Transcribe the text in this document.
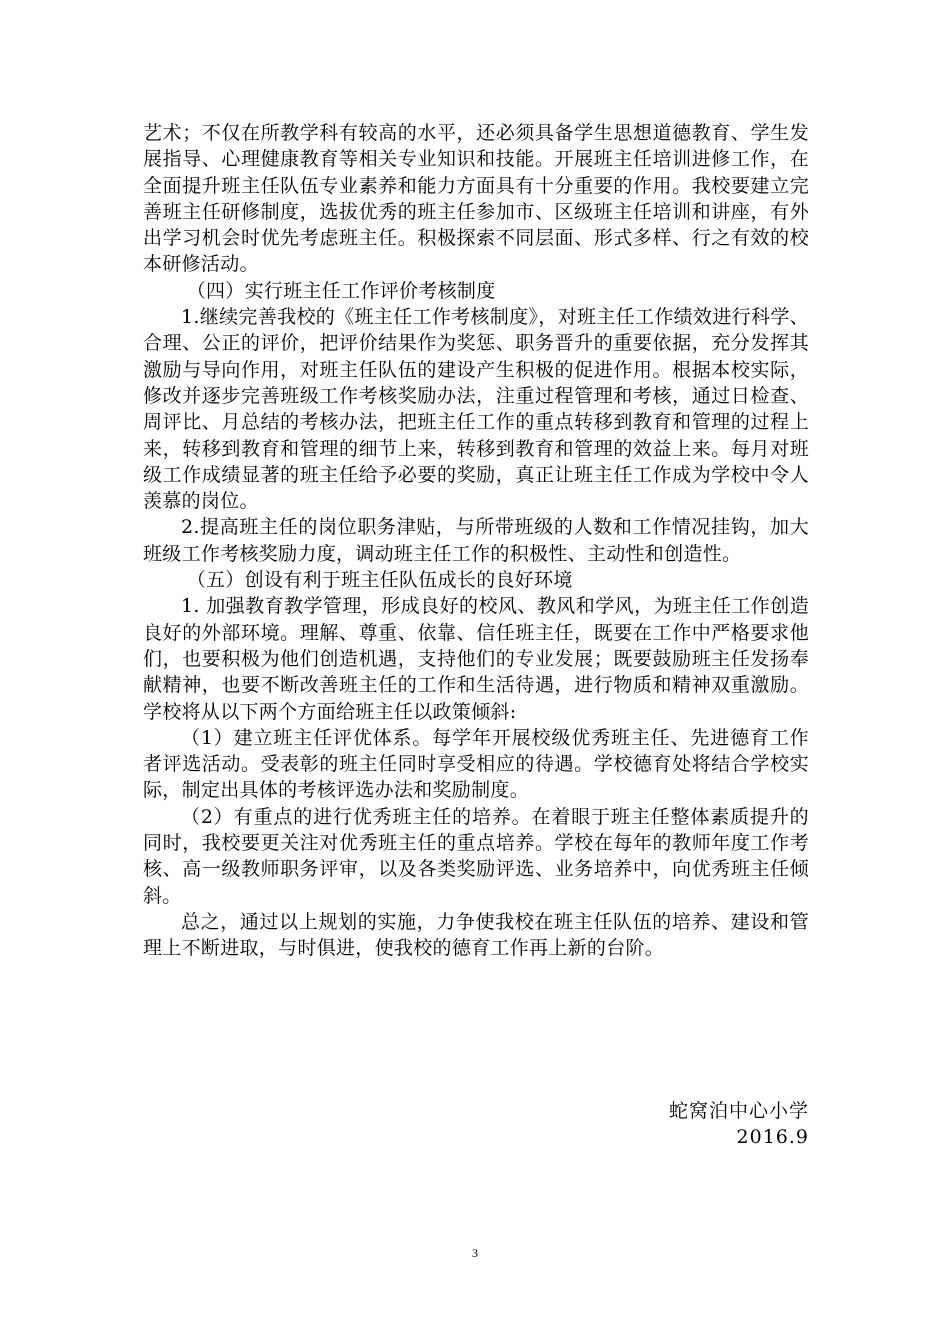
艺术；不仅在所教学科有较高的水平，还必须具备学生思想道德教育、学生发展指导、心理健康教育等相关专业知识和技能。开展班主任培训进修工作，在全面提升班主任队伍专业素养和能力方面具有十分重要的作用。我校要建立完善班主任研修制度，选拔优秀的班主任参加市、区级班主任培训和讲座，有外出学习机会时优先考虑班主任。积极探索不同层面、形式多样、行之有效的校本研修活动。

（四）实行班主任工作评价考核制度

1.继续完善我校的《班主任工作考核制度》，对班主任工作绩效进行科学、合理、公正的评价，把评价结果作为奖惩、职务晋升的重要依据，充分发挥其激励与导向作用，对班主任队伍的建设产生积极的促进作用。根据本校实际，修改并逐步完善班级工作考核奖励办法，注重过程管理和考核，通过日检查、周评比、月总结的考核办法，把班主任工作的重点转移到教育和管理的过程上来，转移到教育和管理的细节上来，转移到教育和管理的效益上来。每月对班级工作成绩显著的班主任给予必要的奖励，真正让班主任工作成为学校中令人羡慕的岗位。

2.提高班主任的岗位职务津贴，与所带班级的人数和工作情况挂钩，加大班级工作考核奖励力度，调动班主任工作的积极性、主动性和创造性。

（五）创设有利于班主任队伍成长的良好环境

1. 加强教育教学管理，形成良好的校风、教风和学风，为班主任工作创造良好的外部环境。理解、尊重、依靠、信任班主任，既要在工作中严格要求他们，也要积极为他们创造机遇，支持他们的专业发展；既要鼓励班主任发扬奉献精神，也要不断改善班主任的工作和生活待遇，进行物质和精神双重激励。学校将从以下两个方面给班主任以政策倾斜:

（1）建立班主任评优体系。每学年开展校级优秀班主任、先进德育工作者评选活动。受表彰的班主任同时享受相应的待遇。学校德育处将结合学校实际，制定出具体的考核评选办法和奖励制度。

（2）有重点的进行优秀班主任的培养。在着眼于班主任整体素质提升的同时，我校要更关注对优秀班主任的重点培养。学校在每年的教师年度工作考核、高一级教师职务评审，以及各类奖励评选、业务培养中，向优秀班主任倾斜。

总之，通过以上规划的实施，力争使我校在班主任队伍的培养、建设和管理上不断进取，与时俱进，使我校的德育工作再上新的台阶。

蛇窝泊中心小学
2016.9
3
